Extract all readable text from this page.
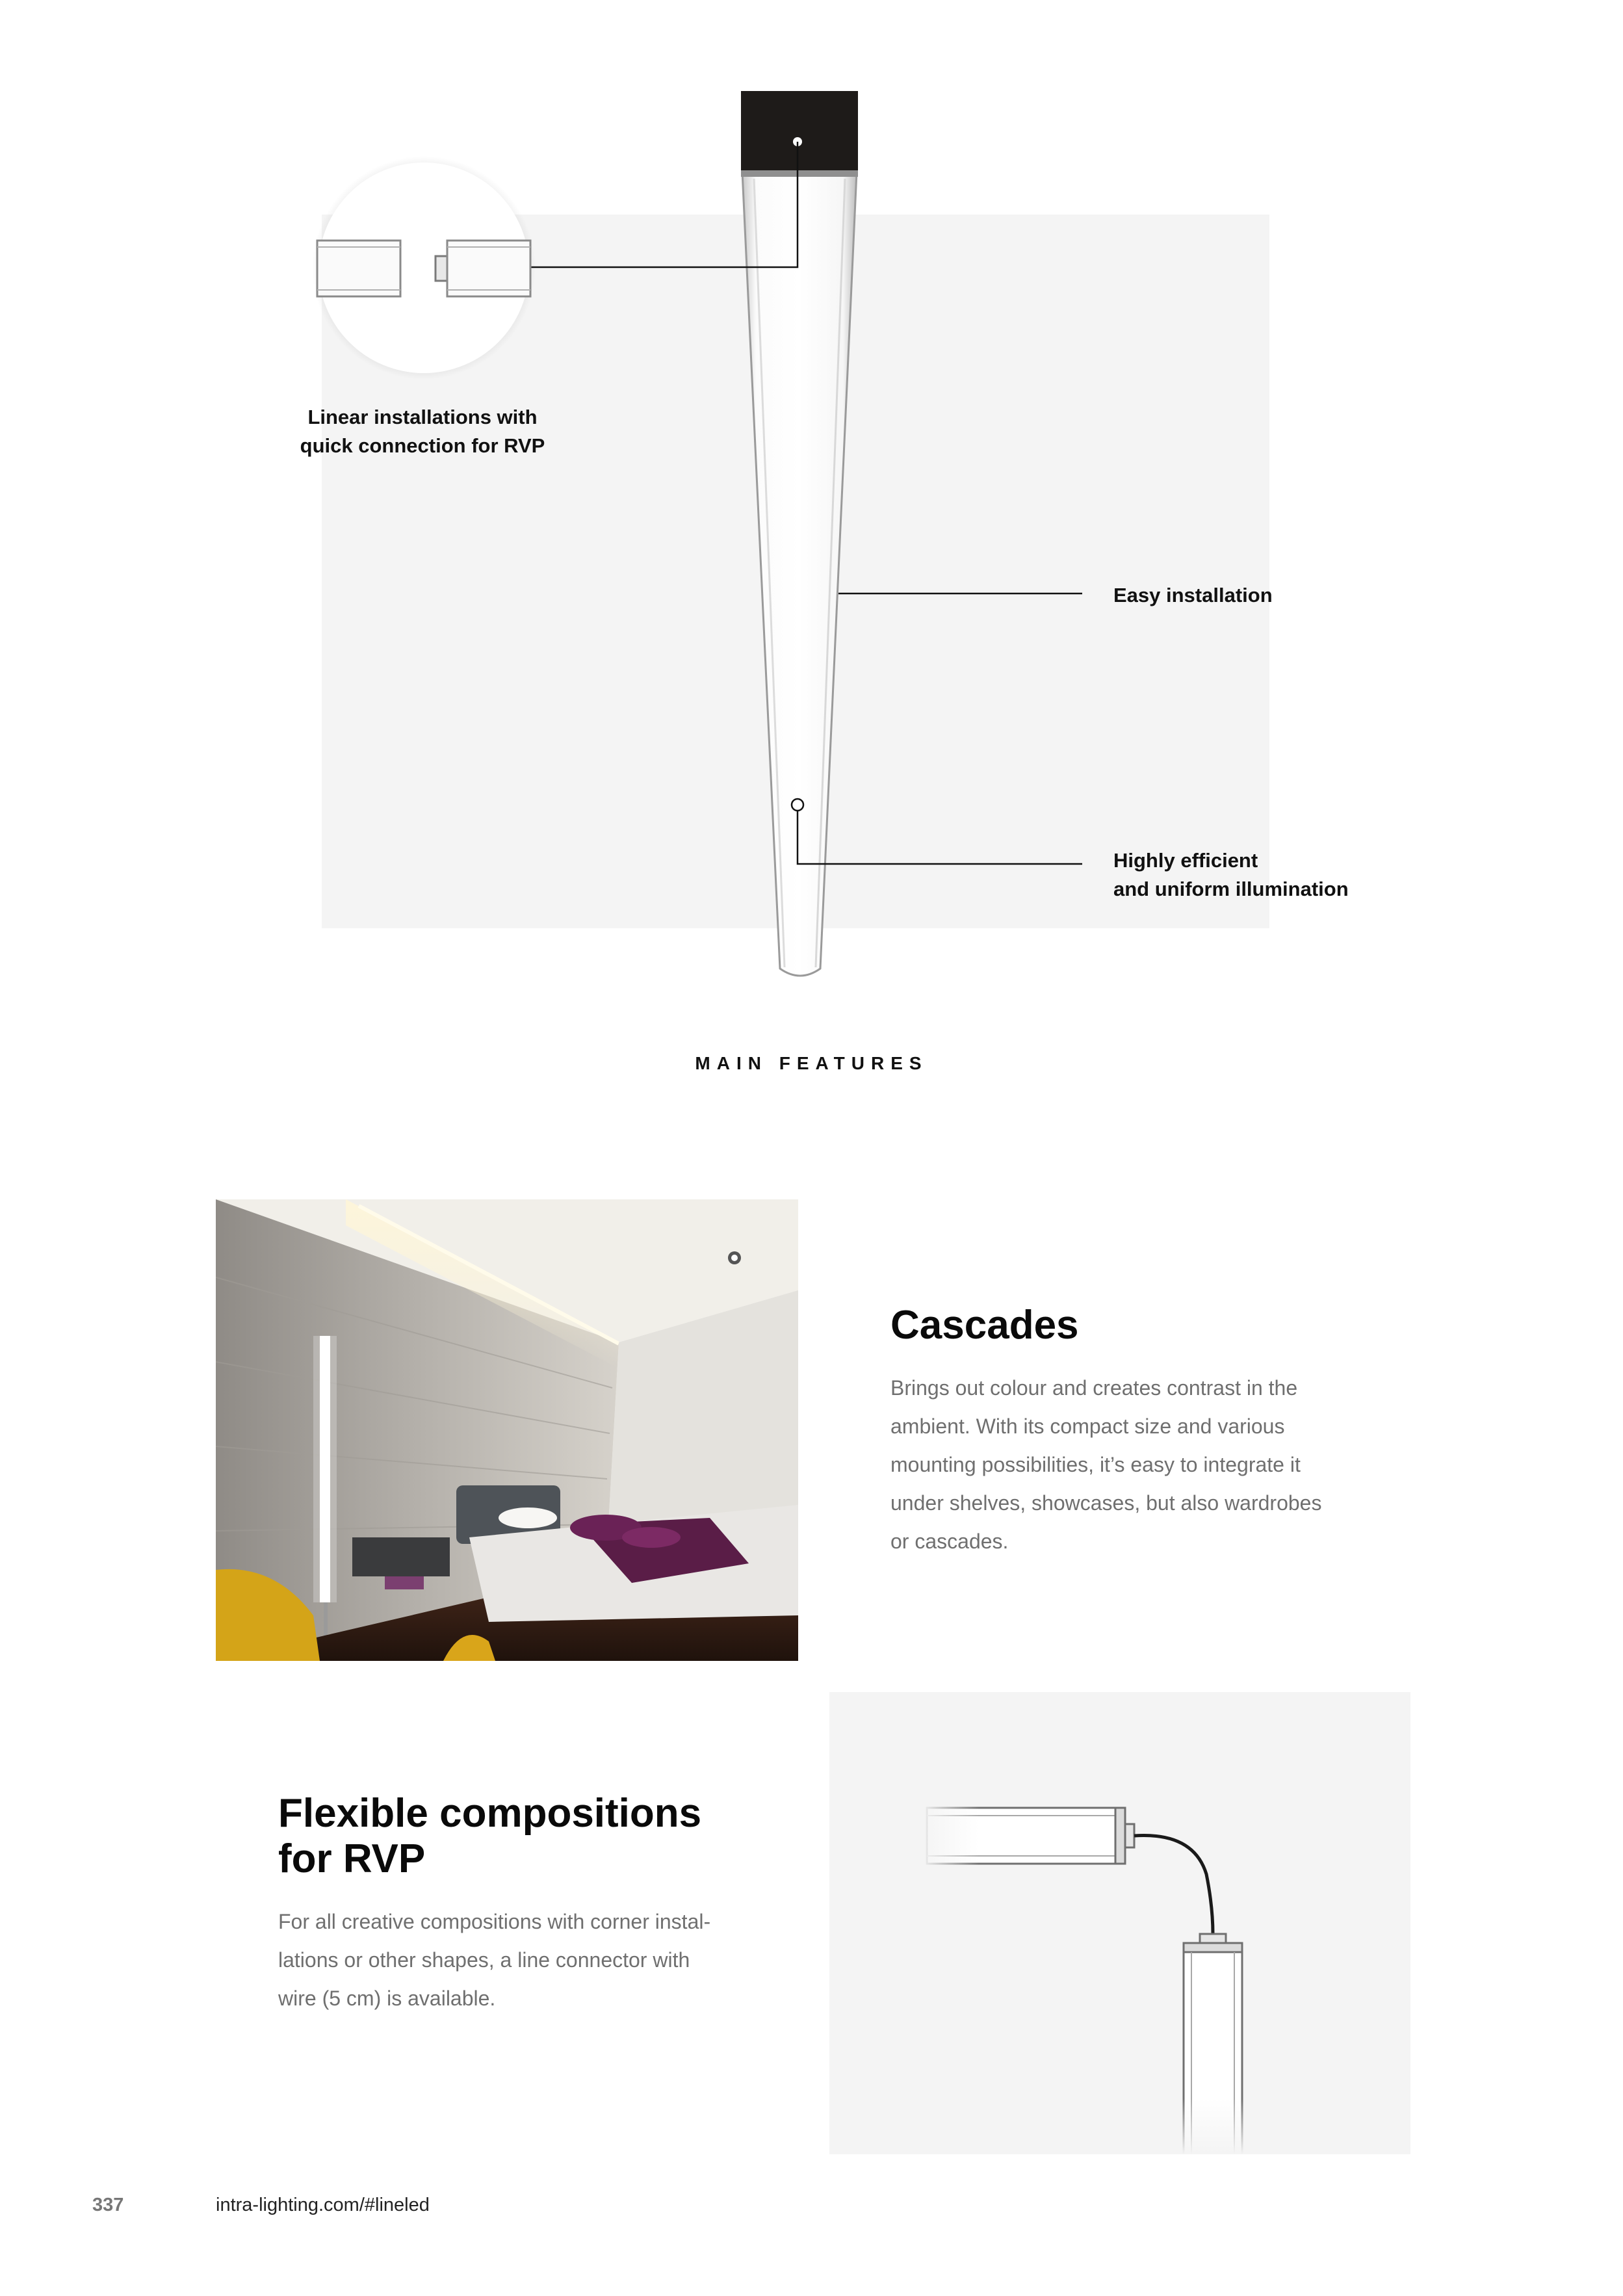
Linear installations with
quick connection for RVP
Easy installation
Highly efficient
and uniform illumination
MAIN FEATURES
Cascades
Brings out colour and creates contrast in the
ambient. With its compact size and various
mounting possibilities, it’s easy to integrate it
under shelves, showcases, but also wardrobes
or cascades.
Flexible compositions
for RVP
For all creative compositions with corner instal-
lations or other shapes, a line connector with
wire (5 cm) is available.
337	intra-lighting.com/#lineled
